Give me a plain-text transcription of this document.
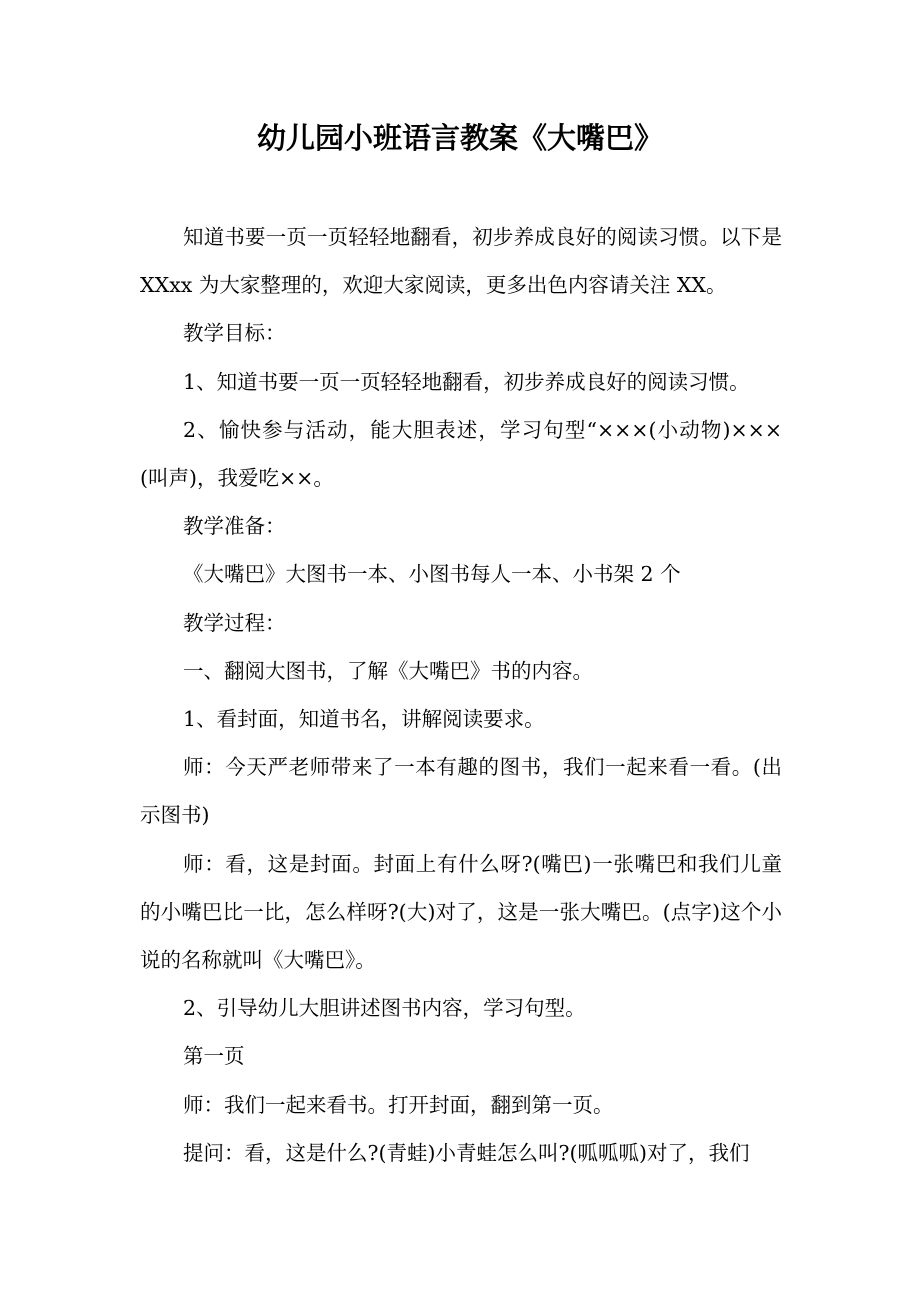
幼儿园小班语言教案《大嘴巴》

知道书要一页一页轻轻地翻看，初步养成良好的阅读习惯。以下是 XXxx 为大家整理的，欢迎大家阅读，更多出色内容请关注 XX。

教学目标：

1、知道书要一页一页轻轻地翻看，初步养成良好的阅读习惯。

2、愉快参与活动，能大胆表述，学习句型“×××(小动物)×××(叫声)，我爱吃××。

教学准备：

《大嘴巴》大图书一本、小图书每人一本、小书架 2 个

教学过程：

一、翻阅大图书，了解《大嘴巴》书的内容。

1、看封面，知道书名，讲解阅读要求。

师：今天严老师带来了一本有趣的图书，我们一起来看一看。(出示图书)

师：看，这是封面。封面上有什么呀?(嘴巴)一张嘴巴和我们儿童的小嘴巴比一比，怎么样呀?(大)对了，这是一张大嘴巴。(点字)这个小说的名称就叫《大嘴巴》。

2、引导幼儿大胆讲述图书内容，学习句型。

第一页

师：我们一起来看书。打开封面，翻到第一页。

提问：看，这是什么?(青蛙)小青蛙怎么叫?(呱呱呱)对了，我们
